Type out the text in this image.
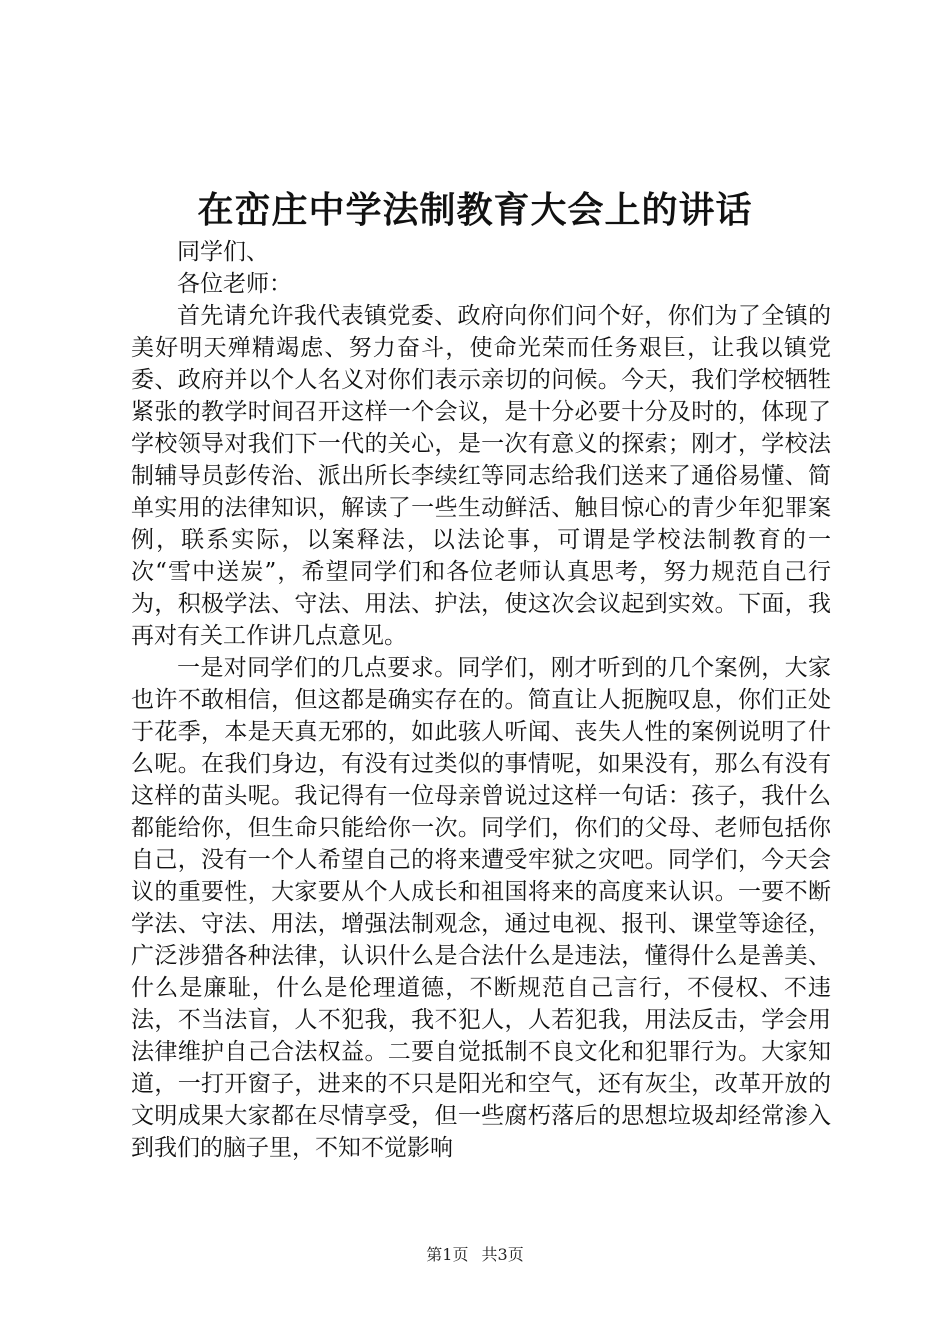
在峦庄中学法制教育大会上的讲话

同学们、

各位老师：

首先请允许我代表镇党委、政府向你们问个好，你们为了全镇的美好明天殚精竭虑、努力奋斗，使命光荣而任务艰巨，让我以镇党委、政府并以个人名义对你们表示亲切的问候。今天，我们学校牺牲紧张的教学时间召开这样一个会议，是十分必要十分及时的，体现了学校领导对我们下一代的关心，是一次有意义的探索；刚才，学校法制辅导员彭传治、派出所长李续红等同志给我们送来了通俗易懂、简单实用的法律知识，解读了一些生动鲜活、触目惊心的青少年犯罪案例，联系实际，以案释法，以法论事，可谓是学校法制教育的一次“雪中送炭”，希望同学们和各位老师认真思考，努力规范自己行为，积极学法、守法、用法、护法，使这次会议起到实效。下面，我再对有关工作讲几点意见。

一是对同学们的几点要求。同学们，刚才听到的几个案例，大家也许不敢相信，但这都是确实存在的。简直让人扼腕叹息，你们正处于花季，本是天真无邪的，如此骇人听闻、丧失人性的案例说明了什么呢。在我们身边，有没有过类似的事情呢，如果没有，那么有没有这样的苗头呢。我记得有一位母亲曾说过这样一句话：孩子，我什么都能给你，但生命只能给你一次。同学们，你们的父母、老师包括你自己，没有一个人希望自己的将来遭受牢狱之灾吧。同学们，今天会议的重要性，大家要从个人成长和祖国将来的高度来认识。一要不断学法、守法、用法，增强法制观念，通过电视、报刊、课堂等途径，广泛涉猎各种法律，认识什么是合法什么是违法，懂得什么是善美、什么是廉耻，什么是伦理道德，不断规范自己言行，不侵权、不违法，不当法盲，人不犯我，我不犯人，人若犯我，用法反击，学会用法律维护自己合法权益。二要自觉抵制不良文化和犯罪行为。大家知道，一打开窗子，进来的不只是阳光和空气，还有灰尘，改革开放的文明成果大家都在尽情享受，但一些腐朽落后的思想垃圾却经常渗入到我们的脑子里，不知不觉影响

第1页 共3页
